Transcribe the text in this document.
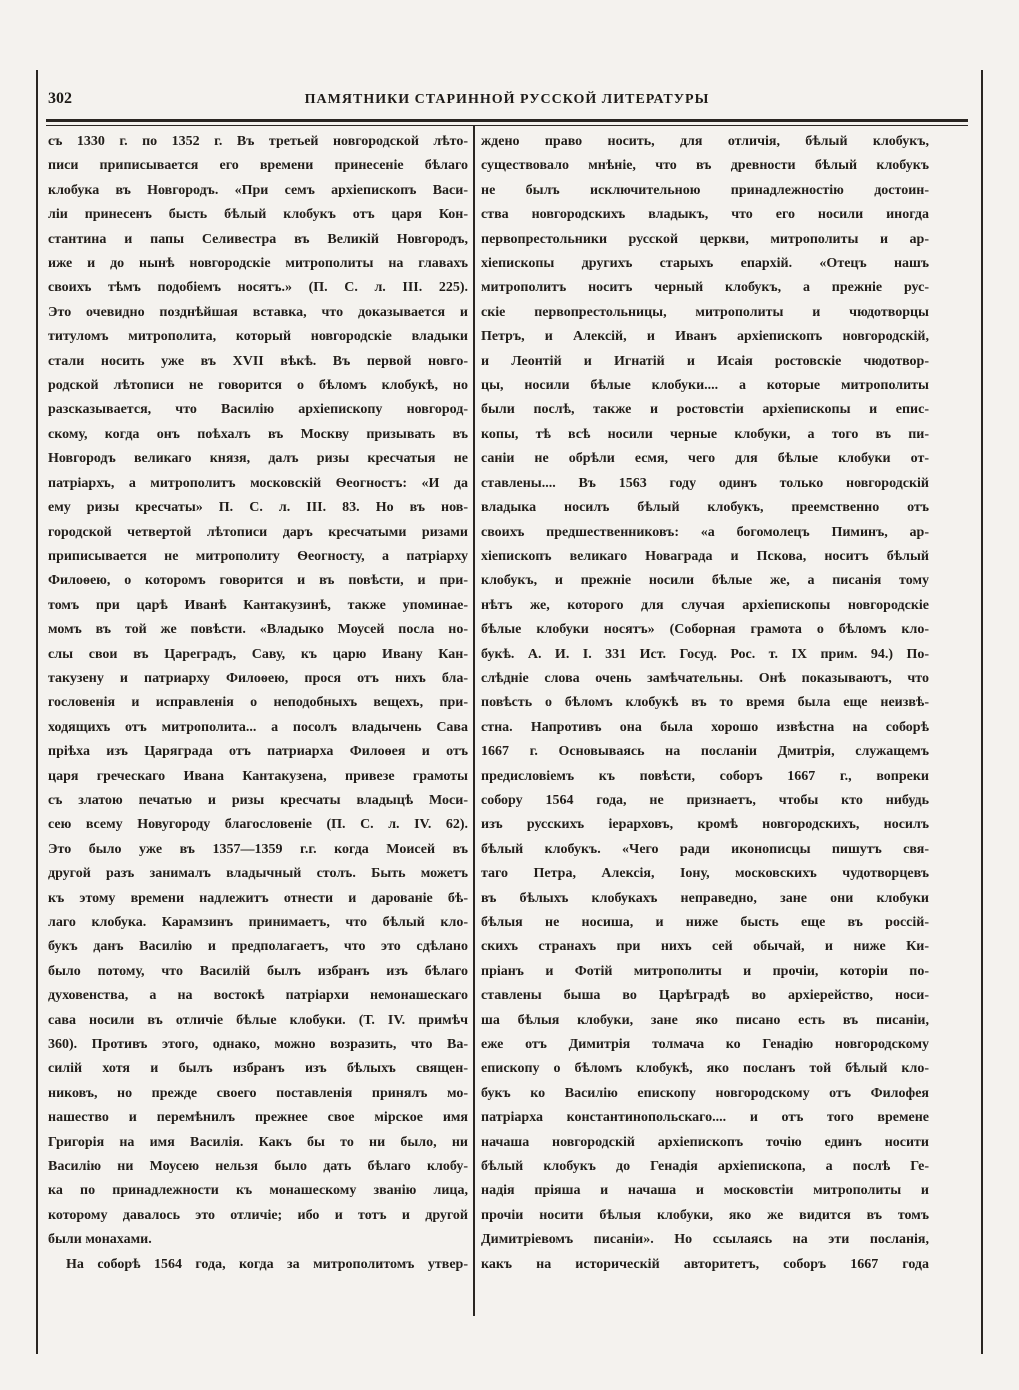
302	ПАМЯТНИКИ СТАРИННОЙ РУССКОЙ ЛИТЕРАТУРЫ
съ 1330 г. по 1352 г. Въ третьей новгородской лѣто-
писи приписывается его времени принесеніе бѣлаго
клобука въ Новгородъ. «При семъ архіепископъ Васи-
ліи принесенъ бысть бѣлый клобукъ отъ царя Кон-
стантина и папы Селивестра въ Великій Новгородъ,
иже и до нынѣ новгородскіе митрополиты на главахъ
своихъ тѣмъ подобіемъ носятъ.» (П. С. л. III. 225).
Это очевидно позднѣйшая вставка, что доказывается и
титуломъ митрополита, который новгородскіе владыки
стали носить уже въ XVII вѣкѣ. Въ первой новго-
родской лѣтописи не говорится о бѣломъ клобукѣ, но
разсказывается, что Василію архіепископу новгород-
скому, когда онъ поѣхалъ въ Москву призывать въ
Новгородъ великаго князя, далъ ризы кресчатыя не
патріархъ, а митрополитъ московскій Ѳеогностъ: «И да
ему ризы кресчаты» П. С. л. III. 83. Но въ нов-
городской четвертой лѣтописи даръ кресчатыми ризами
приписывается не митрополиту Ѳеогносту, а патріарху
Филоѳею, о которомъ говорится и въ повѣсти, и при-
томъ при царѣ Иванѣ Кантакузинѣ, также упоминае-
момъ въ той же повѣсти. «Владыко Моусей посла но-
слы свои въ Цареградъ, Саву, къ царю Ивану Кан-
такузену и патриарху Филоѳею, прося отъ нихъ бла-
гословенія и исправленія о неподобныхъ вещехъ, при-
ходящихъ отъ митрополита... а посолъ владычень Сава
пріѣха изъ Царяграда отъ патриарха Филоѳея и отъ
царя греческаго Ивана Кантакузена, привезе грамоты
съ златою печатью и ризы кресчаты владыцѣ Моси-
сею всему Новугороду благословеніе (П. С. л. IV. 62).
Это было уже въ 1357—1359 г.г. когда Моисей въ
другой разъ занималъ владычный столъ. Быть можетъ
къ этому времени надлежитъ отнести и дарованіе бѣ-
лаго клобука. Карамзинъ принимаетъ, что бѣлый кло-
букъ данъ Василію и предполагаетъ, что это сдѣлано
было потому, что Василій былъ избранъ изъ бѣлаго
духовенства, а на востокѣ патріархи немонашескаго
сава носили въ отличіе бѣлые клобуки. (Т. IV. примѣч
360). Противъ этого, однако, можно возразить, что Ва-
силій хотя и былъ избранъ изъ бѣлыхъ священ-
никовъ, но прежде своего поставленія принялъ мо-
нашество и перемѣнилъ прежнее свое мірское имя
Григорія на имя Василія. Какъ бы то ни было, ни
Василію ни Моусею нельзя было дать бѣлаго клобу-
ка по принадлежности къ монашескому званію лица,
которому давалось это отличіе; ибо и тотъ и другой
были монахами.
На соборѣ 1564 года, когда за митрополитомъ утвер-
ждено право носить, для отличія, бѣлый клобукъ,
существовало мнѣніе, что въ древности бѣлый клобукъ
не былъ исключительною принадлежностію достоин-
ства новгородскихъ владыкъ, что его носили иногда
первопрестольники русской церкви, митрополиты и ар-
хіепископы другихъ старыхъ епархій. «Отецъ нашъ
митрополитъ носитъ черный клобукъ, а прежніе рус-
скіе первопрестольницы, митрополиты и чюдотворцы
Петръ, и Алексій, и Иванъ архіепископъ новгородскій,
и Леонтій и Игнатій и Исаія ростовскіе чюдотвор-
цы, носили бѣлые клобуки.... а которые митрополиты
были послѣ, также и ростовстіи архіепископы и епис-
копы, тѣ всѣ носили черные клобуки, а того въ пи-
саніи не обрѣли есмя, чего для бѣлые клобуки от-
ставлены.... Въ 1563 году одинъ только новгородскій
владыка носилъ бѣлый клобукъ, преемственно отъ
своихъ предшественниковъ: «а богомолецъ Пиминъ, ар-
хіепископъ великаго Новаграда и Пскова, носитъ бѣлый
клобукъ, и прежніе носили бѣлые же, а писанія тому
нѣтъ же, которого для случая архіепископы новгородскіе
бѣлые клобуки носятъ» (Соборная грамота о бѣломъ кло-
букѣ. А. И. I. 331 Ист. Госуд. Рос. т. IX прим. 94.) По-
слѣдніе слова очень замѣчательны. Онѣ показываютъ, что
повѣсть о бѣломъ клобукѣ въ то время была еще неизвѣ-
стна. Напротивъ она была хорошо извѣстна на соборѣ
1667 г. Основываясь на посланіи Дмитрія, служащемъ
предисловіемъ къ повѣсти, соборъ 1667 г., вопреки
собору 1564 года, не признаетъ, чтобы кто нибудь
изъ русскихъ іерарховъ, кромѣ новгородскихъ, носилъ
бѣлый клобукъ. «Чего ради иконописцы пишутъ свя-
таго Петра, Алексія, Іону, московскихъ чудотворцевъ
въ бѣлыхъ клобукахъ неправедно, зане они клобуки
бѣлыя не носиша, и ниже бысть еще въ россій-
скихъ странахъ при нихъ сей обычай, и ниже Ки-
пріанъ и Фотій митрополиты и прочіи, которіи по-
ставлены быша во Царѣградѣ во архіерейство, носи-
ша бѣлыя клобуки, зане яко писано есть въ писаніи,
еже отъ Димитрія толмача ко Генадію новгородскому
епископу о бѣломъ клобукѣ, яко посланъ той бѣлый кло-
букъ ко Василію епископу новгородскому отъ Филофея
патріарха константинопольскаго.... и отъ того времене
начаша новгородскій архіепископъ точію единъ носити
бѣлый клобукъ до Генадія архіепископа, а послѣ Ге-
надія пріяша и начаша и московстіи митрополиты и
прочіи носити бѣлыя клобуки, яко же видится въ томъ
Димитріевомъ писаніи». Но ссылаясь на эти посланія,
какъ на историческій авторитетъ, соборъ 1667 года
